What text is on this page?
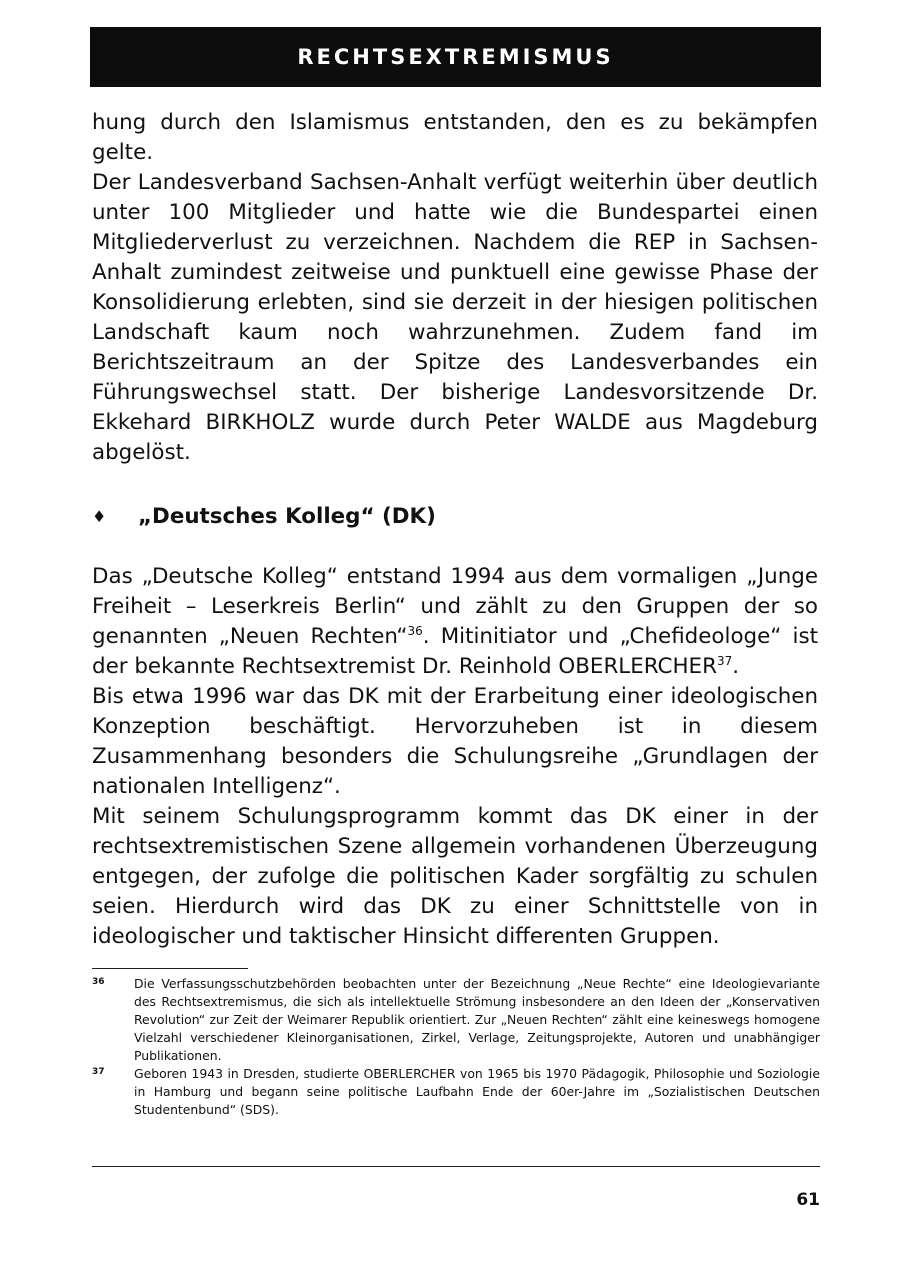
RECHTSEXTREMISMUS

hung durch den Islamismus entstanden, den es zu bekämpfen gelte.

Der Landesverband Sachsen-Anhalt verfügt weiterhin über deutlich unter 100 Mitglieder und hatte wie die Bundespartei einen Mitgliederverlust zu verzeichnen. Nachdem die REP in Sachsen-Anhalt zumindest zeitweise und punktuell eine gewisse Phase der Konsolidierung erlebten, sind sie derzeit in der hiesigen politischen Landschaft kaum noch wahrzunehmen. Zudem fand im Berichtszeitraum an der Spitze des Landesverbandes ein Führungswechsel statt. Der bisherige Landesvorsitzende Dr. Ekkehard BIRKHOLZ wurde durch Peter WALDE aus Magdeburg abgelöst.

♦	„Deutsches Kolleg“ (DK)

Das „Deutsche Kolleg“ entstand 1994 aus dem vormaligen „Junge Freiheit – Leserkreis Berlin“ und zählt zu den Gruppen der so genannten „Neuen Rechten“$^{36}$. Mitinitiator und „Chefideologe“ ist der bekannte Rechtsextremist Dr. Reinhold OBERLERCHER$^{37}$.

Bis etwa 1996 war das DK mit der Erarbeitung einer ideologischen Konzeption beschäftigt. Hervorzuheben ist in diesem Zusammenhang besonders die Schulungsreihe „Grundlagen der nationalen Intelligenz“.

Mit seinem Schulungsprogramm kommt das DK einer in der rechtsextremistischen Szene allgemein vorhandenen Überzeugung entgegen, der zufolge die politischen Kader sorgfältig zu schulen seien. Hierdurch wird das DK zu einer Schnittstelle von in ideologischer und taktischer Hinsicht differenten Gruppen.

36	Die Verfassungsschutzbehörden beobachten unter der Bezeichnung „Neue Rechte“ eine Ideologievariante des Rechtsextremismus, die sich als intellektuelle Strömung insbesondere an den Ideen der „Konservativen Revolution“ zur Zeit der Weimarer Republik orientiert. Zur „Neuen Rechten“ zählt eine keineswegs homogene Vielzahl verschiedener Kleinorganisationen, Zirkel, Verlage, Zeitungsprojekte, Autoren und unabhängiger Publikationen.
37	Geboren 1943 in Dresden, studierte OBERLERCHER von 1965 bis 1970 Pädagogik, Philosophie und Soziologie in Hamburg und begann seine politische Laufbahn Ende der 60er-Jahre im „Sozialistischen Deutschen Studentenbund“ (SDS).
61
